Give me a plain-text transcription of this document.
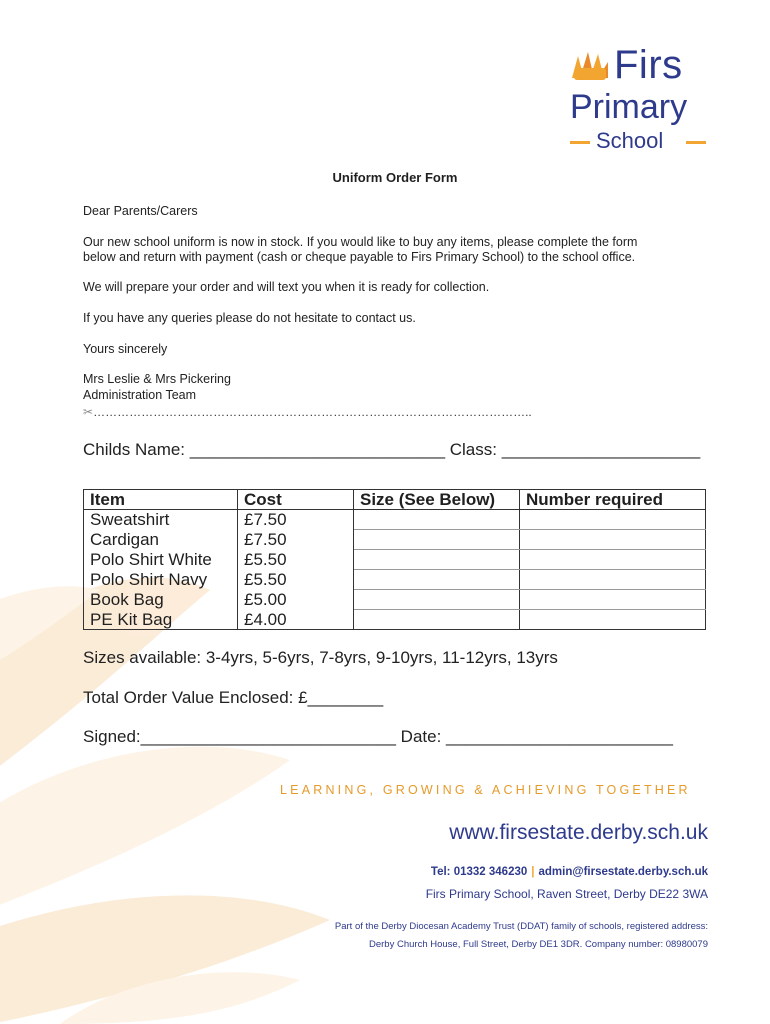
Firs
Primary
School
Uniform Order Form
Dear Parents/Carers
Our new school uniform is now in stock. If you would like to buy any items, please complete the form
below and return with payment (cash or cheque payable to Firs Primary School) to the school office.
We will prepare your order and will text you when it is ready for collection.
If you have any queries please do not hesitate to contact us.
Yours sincerely
Mrs Leslie & Mrs Pickering
Administration Team
✂………………………………………………………………………………………………..
Childs Name: ___________________________ Class: _____________________
Item	Cost	Size (See Below)	Number required
Sweatshirt	£7.50		
Cardigan	£7.50		
Polo Shirt White	£5.50		
Polo Shirt Navy	£5.50		
Book Bag	£5.00		
PE Kit Bag	£4.00		
Sizes available: 3-4yrs, 5-6yrs, 7-8yrs, 9-10yrs, 11-12yrs, 13yrs
Total Order Value Enclosed: £________
Signed:___________________________ Date: ________________________
LEARNING, GROWING & ACHIEVING TOGETHER
www.firsestate.derby.sch.uk
Tel: 01332 346230 | admin@firsestate.derby.sch.uk
Firs Primary School, Raven Street, Derby DE22 3WA
Part of the Derby Diocesan Academy Trust (DDAT) family of schools, registered address:
Derby Church House, Full Street, Derby DE1 3DR. Company number: 08980079
